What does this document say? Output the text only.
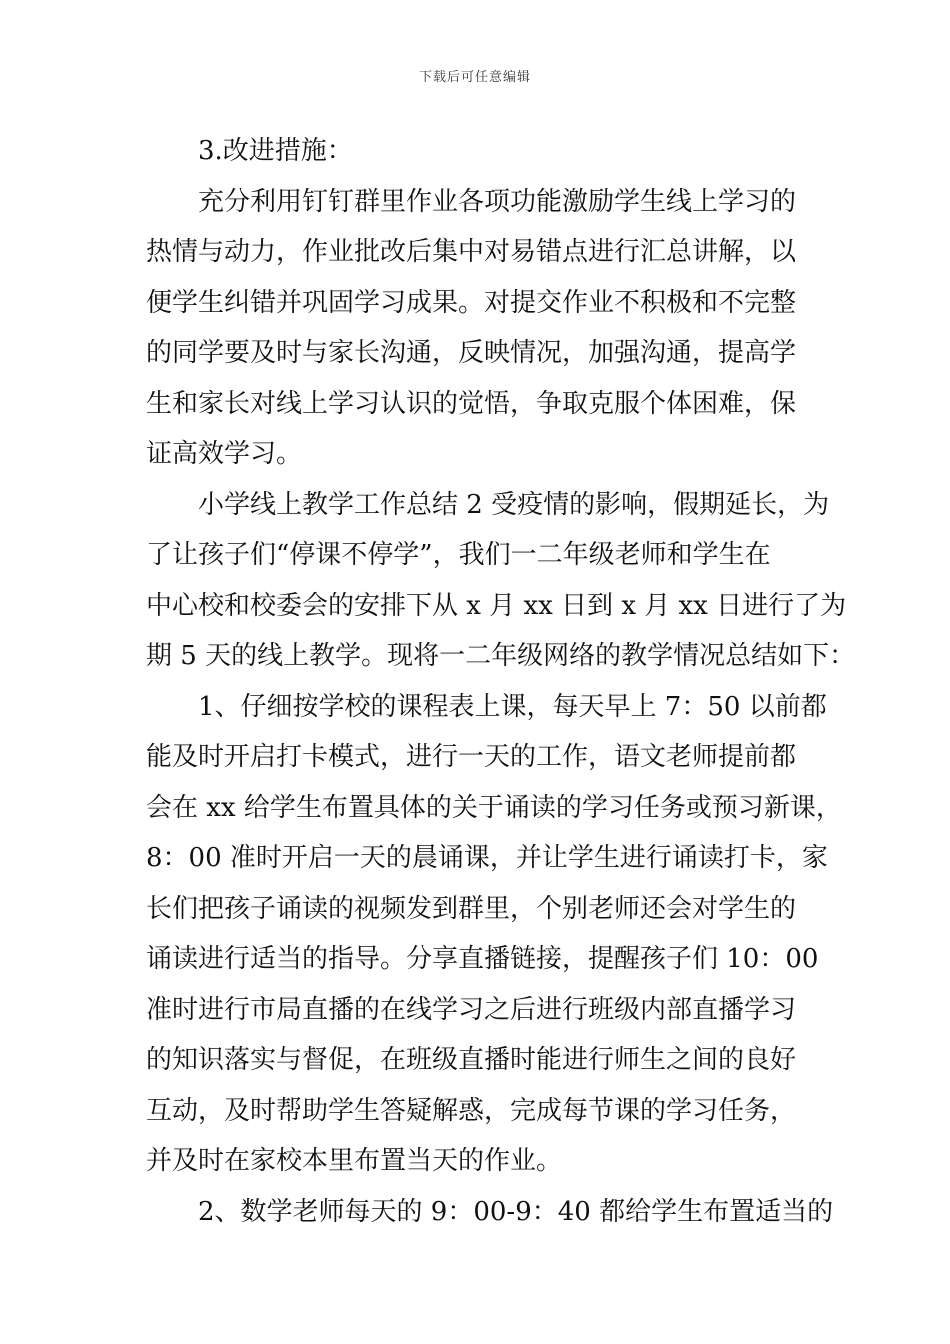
下载后可任意编辑
3.改进措施：
充分利用钉钉群里作业各项功能激励学生线上学习的
热情与动力，作业批改后集中对易错点进行汇总讲解，以
便学生纠错并巩固学习成果。对提交作业不积极和不完整
的同学要及时与家长沟通，反映情况，加强沟通，提高学
生和家长对线上学习认识的觉悟，争取克服个体困难，保
证高效学习。
小学线上教学工作总结 2 受疫情的影响，假期延长，为
了让孩子们“停课不停学”，我们一二年级老师和学生在
中心校和校委会的安排下从 x 月 xx 日到 x 月 xx 日进行了为
期 5 天的线上教学。现将一二年级网络的教学情况总结如下：
1、仔细按学校的课程表上课，每天早上 7：50 以前都
能及时开启打卡模式，进行一天的工作，语文老师提前都
会在 xx 给学生布置具体的关于诵读的学习任务或预习新课，
8：00 准时开启一天的晨诵课，并让学生进行诵读打卡，家
长们把孩子诵读的视频发到群里，个别老师还会对学生的
诵读进行适当的指导。分享直播链接，提醒孩子们 10：00
准时进行市局直播的在线学习之后进行班级内部直播学习
的知识落实与督促，在班级直播时能进行师生之间的良好
互动，及时帮助学生答疑解惑，完成每节课的学习任务，
并及时在家校本里布置当天的作业。
2、数学老师每天的 9：00-9：40 都给学生布置适当的
